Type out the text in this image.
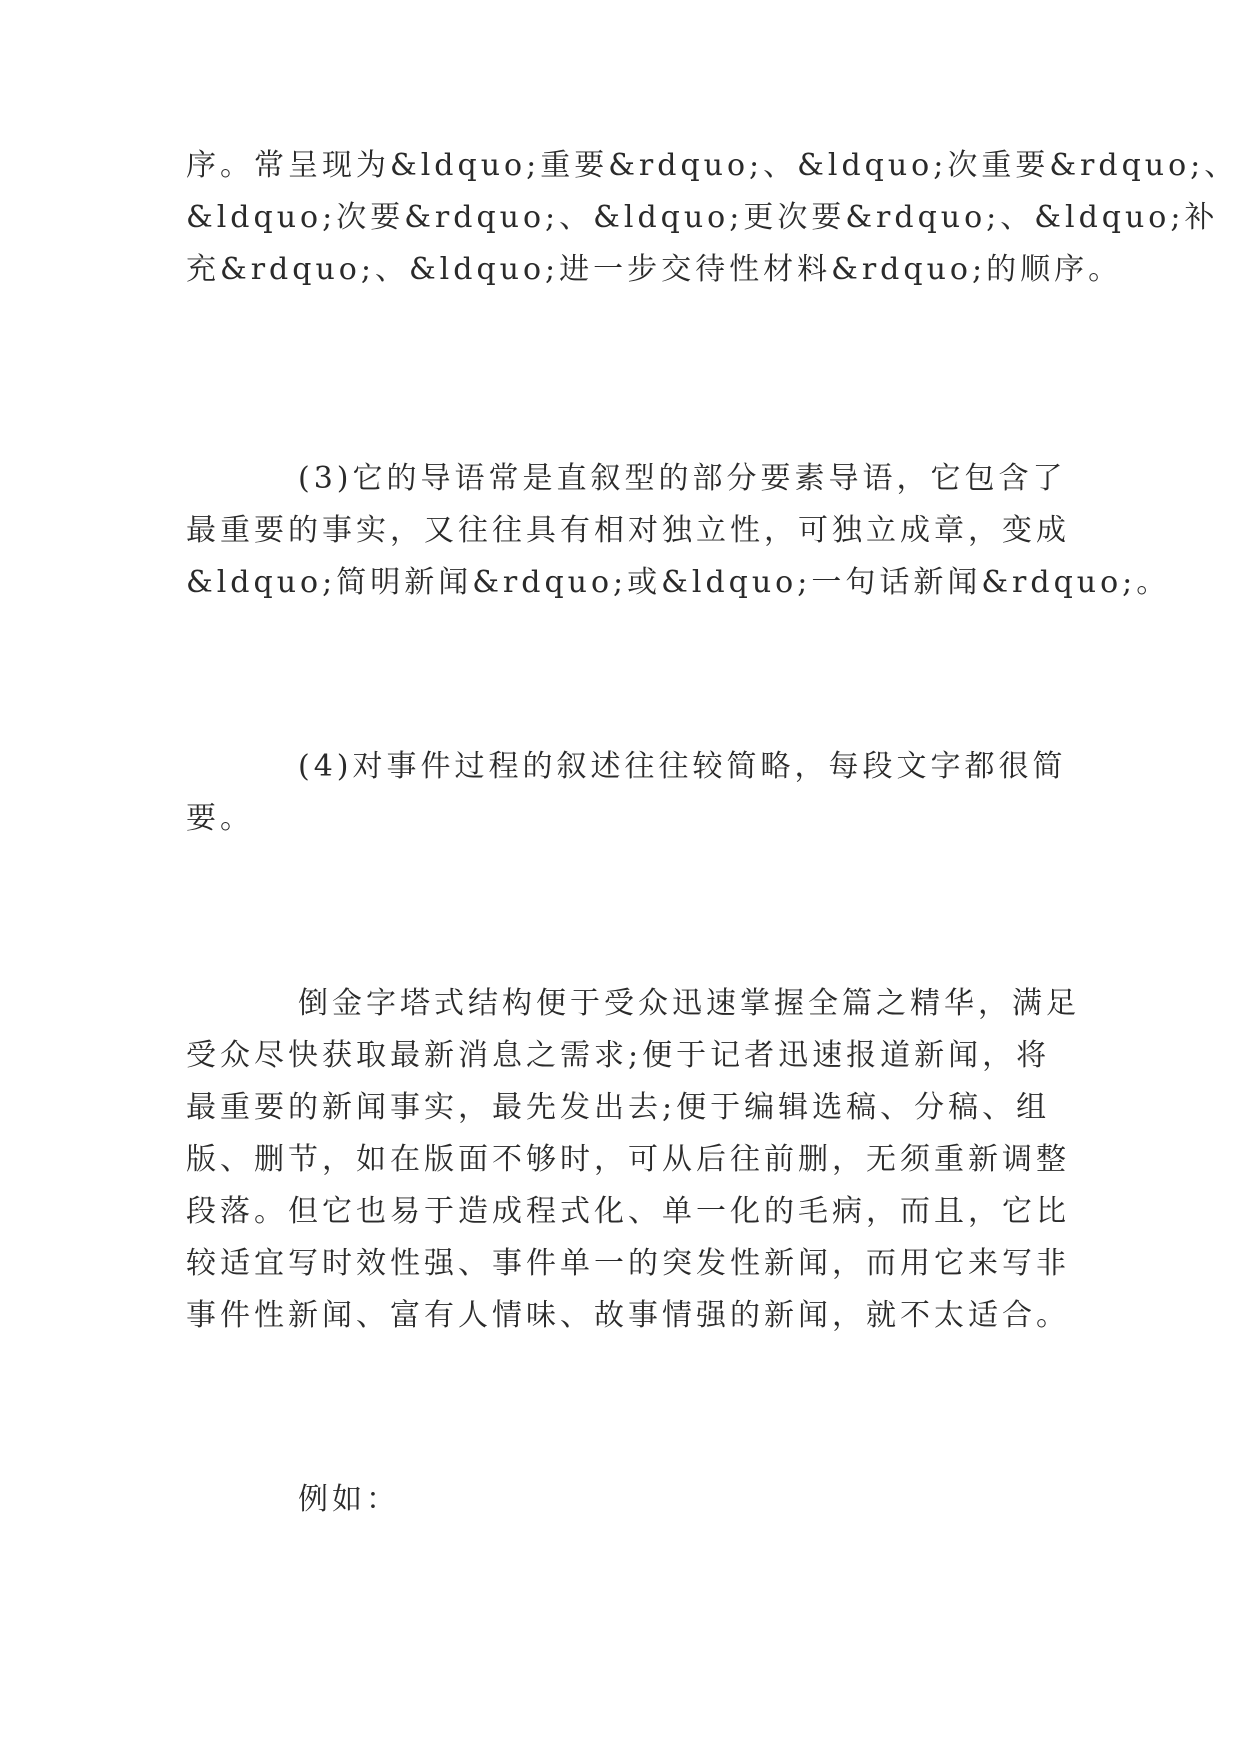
序。常呈现为&ldquo;重要&rdquo;、&ldquo;次重要&rdquo;、
&ldquo;次要&rdquo;、&ldquo;更次要&rdquo;、&ldquo;补
充&rdquo;、&ldquo;进一步交待性材料&rdquo;的顺序。
(3)它的导语常是直叙型的部分要素导语，它包含了
最重要的事实，又往往具有相对独立性，可独立成章，变成
&ldquo;简明新闻&rdquo;或&ldquo;一句话新闻&rdquo;。
(4)对事件过程的叙述往往较简略，每段文字都很简
要。
倒金字塔式结构便于受众迅速掌握全篇之精华，满足
受众尽快获取最新消息之需求;便于记者迅速报道新闻，将
最重要的新闻事实，最先发出去;便于编辑选稿、分稿、组
版、删节，如在版面不够时，可从后往前删，无须重新调整
段落。但它也易于造成程式化、单一化的毛病，而且，它比
较适宜写时效性强、事件单一的突发性新闻，而用它来写非
事件性新闻、富有人情味、故事情强的新闻，就不太适合。
例如：
